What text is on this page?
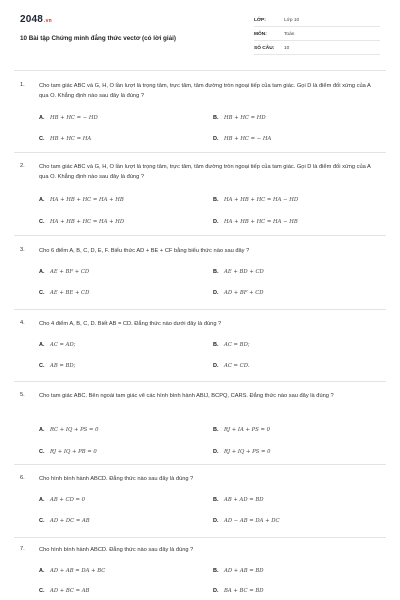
2048.vn
10 Bài tập Chứng minh đẳng thức vectơ (có lời giải)
LỚP:	Lớp 10
MÔN:	Toán
SỐ CÂU:	10
1.	Cho tam giác ABC và G, H, O lần lượt là trọng tâm, trực tâm, tâm đường tròn ngoại tiếp của tam giác. Gọi D là điểm đối xứng của A qua O. Khẳng định nào sau đây là đúng ?
A. HB + HC = − HD	B. HB + HC = HD
C. HB + HC = HA	D. HB + HC = − HA
2.	Cho tam giác ABC và G, H, O lần lượt là trọng tâm, trực tâm, tâm đường tròn ngoại tiếp của tam giác. Gọi D là điểm đối xứng của A qua O. Khẳng định nào sau đây là đúng ?
A. HA + HB + HC = HA + HB	B. HA + HB + HC = HA − HD
C. HA + HB + HC = HA + HD	D. HA + HB + HC = HA − HB
3.	Cho 6 điểm A, B, C, D, E, F. Biểu thức AD + BE + CF bằng biểu thức nào sau đây ?
A. AE + BF + CD	B. AE + BD + CD
C. AE + BE + CD	D. AD + BF + CD
4.	Cho 4 điểm A, B, C, D. Biết AB = CD. Đẳng thức nào dưới đây là đúng ?
A. AC = AD;	B. AC = BD;
C. AB = BD;	D. AC = CD.
5.	Cho tam giác ABC. Bên ngoài tam giác vẽ các hình bình hành ABIJ, BCPQ, CARS. Đẳng thức nào sau đây là đúng ?
A. RC + IQ + PS = 0	B. RJ + IA + PS = 0
C. RJ + IQ + PB = 0	D. RJ + IQ + PS = 0
6.	Cho hình bình hành ABCD. Đẳng thức nào sau đây là đúng ?
A. AB + CD = 0	B. AB + AD = BD
C. AD + DC = AB	D. AD − AB = DA + DC
7.	Cho hình bình hành ABCD. Đẳng thức nào sau đây là đúng ?
A. AD + AB = DA + BC	B. AD + AB = BD
C. AD + BC = AB	D. BA + BC = BD
